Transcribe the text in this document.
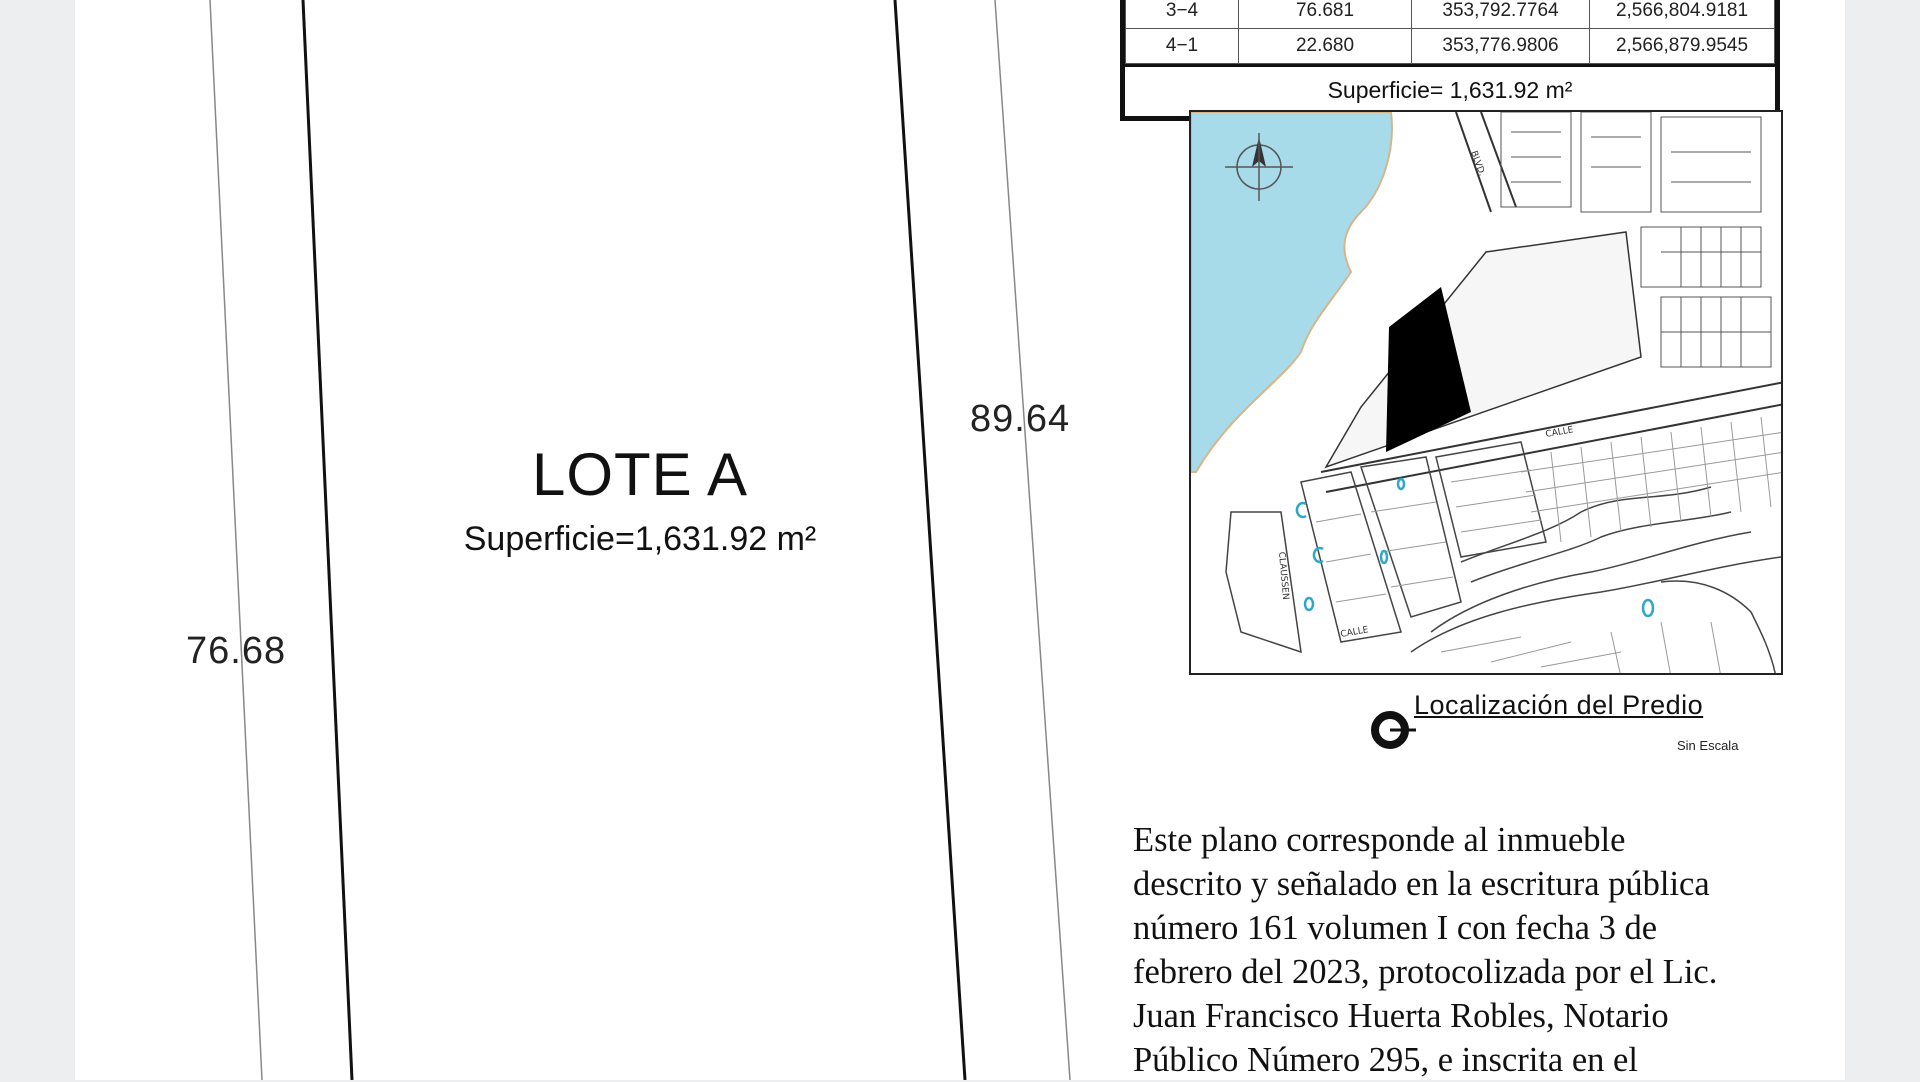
76.68
89.64
LOTE A
Superficie=1,631.92 m²
3−4	76.681	353,792.7764	2,566,804.9181
4−1	22.680	353,776.9806	2,566,879.9545
Superficie= 1,631.92 m²
BLVD.
CALLE
CLAUSSEN
CALLE
Localización del Predio
Sin Escala
Este plano corresponde al inmueble
descrito y señalado en la escritura pública
número 161 volumen I con fecha 3 de
febrero del 2023, protocolizada por el Lic.
Juan Francisco Huerta Robles, Notario
Público Número 295, e inscrita en el
